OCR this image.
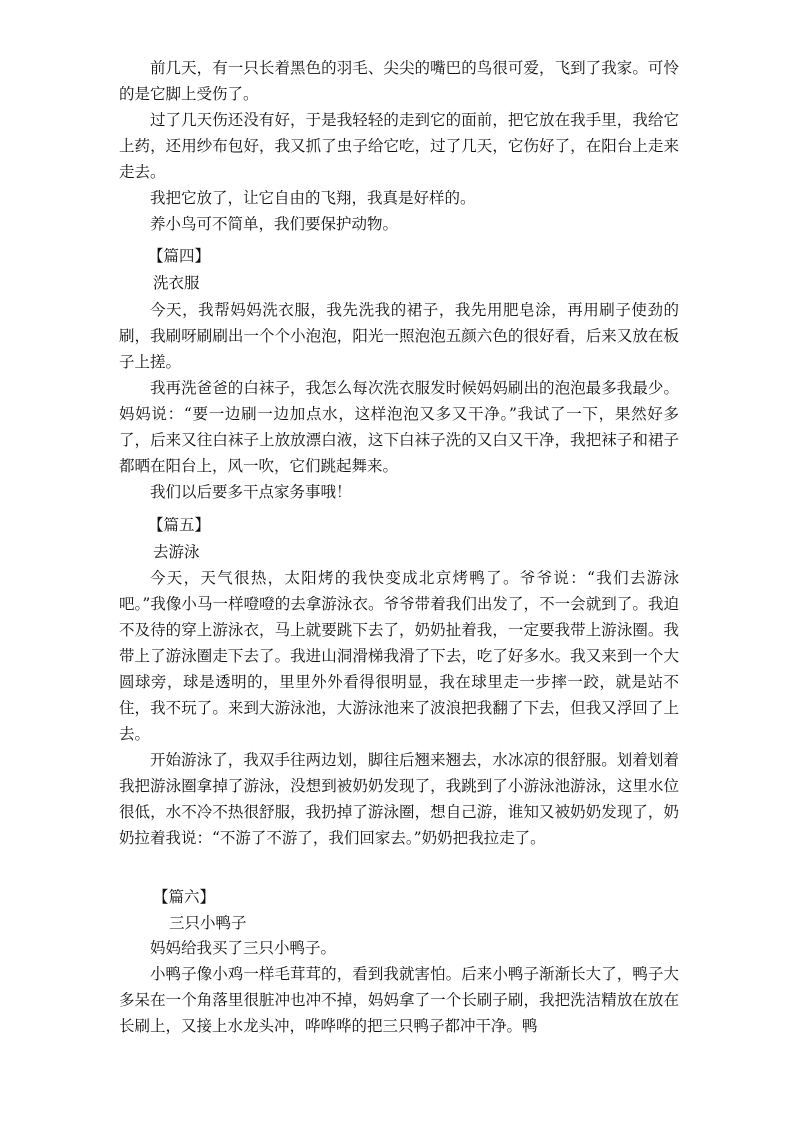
前几天，有一只长着黑色的羽毛、尖尖的嘴巴的鸟很可爱，飞到了我家。可怜的是它脚上受伤了。

过了几天伤还没有好，于是我轻轻的走到它的面前，把它放在我手里，我给它上药，还用纱布包好，我又抓了虫子给它吃，过了几天，它伤好了，在阳台上走来走去。

我把它放了，让它自由的飞翔，我真是好样的。

养小鸟可不简单，我们要保护动物。

【篇四】
洗衣服

今天，我帮妈妈洗衣服，我先洗我的裙子，我先用肥皂涂，再用刷子使劲的刷，我刷呀刷刷出一个个小泡泡，阳光一照泡泡五颜六色的很好看，后来又放在板子上搓。

我再洗爸爸的白袜子，我怎么每次洗衣服发时候妈妈刷出的泡泡最多我最少。妈妈说：“要一边刷一边加点水，这样泡泡又多又干净。”我试了一下，果然好多了，后来又往白袜子上放放漂白液，这下白袜子洗的又白又干净，我把袜子和裙子都晒在阳台上，风一吹，它们跳起舞来。

我们以后要多干点家务事哦！

【篇五】
去游泳

今天，天气很热，太阳烤的我快变成北京烤鸭了。爷爷说：“我们去游泳吧。”我像小马一样噔噔的去拿游泳衣。爷爷带着我们出发了，不一会就到了。我迫不及待的穿上游泳衣，马上就要跳下去了，奶奶扯着我，一定要我带上游泳圈。我带上了游泳圈走下去了。我进山洞滑梯我滑了下去，吃了好多水。我又来到一个大圆球旁，球是透明的，里里外外看得很明显，我在球里走一步摔一跤，就是站不住，我不玩了。来到大游泳池，大游泳池来了波浪把我翻了下去，但我又浮回了上去。

开始游泳了，我双手往两边划，脚往后翘来翘去，水冰凉的很舒服。划着划着我把游泳圈拿掉了游泳，没想到被奶奶发现了，我跳到了小游泳池游泳，这里水位很低，水不冷不热很舒服，我扔掉了游泳圈，想自己游，谁知又被奶奶发现了，奶奶拉着我说：“不游了不游了，我们回家去。”奶奶把我拉走了。

【篇六】
三只小鸭子

妈妈给我买了三只小鸭子。

小鸭子像小鸡一样毛茸茸的，看到我就害怕。后来小鸭子渐渐长大了，鸭子大多呆在一个角落里很脏冲也冲不掉，妈妈拿了一个长刷子刷，我把洗洁精放在放在长刷上，又接上水龙头冲，哗哗哗的把三只鸭子都冲干净。鸭
